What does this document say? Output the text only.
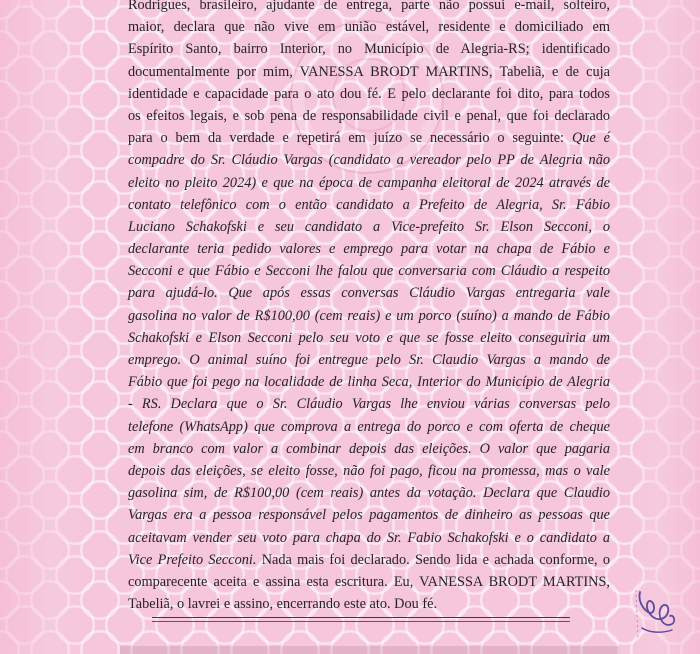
Rodrigues, brasileiro, ajudante de entrega, parte não possui e-mail, solteiro,
maior, declara que não vive em união estável, residente e domiciliado em
Espírito Santo, bairro Interior, no Município de Alegria-RS; identificado
documentalmente por mim, VANESSA BRODT MARTINS, Tabeliã, e de cuja
identidade e capacidade para o ato dou fé. E pelo declarante foi dito, para todos
os efeitos legais, e sob pena de responsabilidade civil e penal, que foi declarado
para o bem da verdade e repetirá em juízo se necessário o seguinte: Que é
compadre do Sr. Cláudio Vargas (candidato a vereador pelo PP de Alegria não
eleito no pleito 2024) e que na época de campanha eleitoral de 2024 através de
contato telefônico com o então candidato a Prefeito de Alegria, Sr. Fábio
Luciano Schakofski e seu candidato a Vice-prefeito Sr. Elson Secconi, o
declarante teria pedido valores e emprego para votar na chapa de Fábio e
Secconi e que Fábio e Secconi lhe falou que conversaria com Cláudio a respeito
para ajudá-lo. Que após essas conversas Cláudio Vargas entregaria vale
gasolina no valor de R$100,00 (cem reais) e um porco (suíno) a mando de Fábio
Schakofski e Elson Secconi pelo seu voto e que se fosse eleito conseguiria um
emprego. O animal suíno foi entregue pelo Sr. Claudio Vargas a mando de
Fábio que foi pego na localidade de linha Seca, Interior do Município de Alegria
- RS. Declara que o Sr. Cláudio Vargas lhe enviou várias conversas pelo
telefone (WhatsApp) que comprova a entrega do porco e com oferta de cheque
em branco com valor a combinar depois das eleições. O valor que pagaria
depois das eleições, se eleito fosse, não foi pago, ficou na promessa, mas o vale
gasolina sim, de R$100,00 (cem reais) antes da votação. Declara que Claudio
Vargas era a pessoa responsável pelos pagamentos de dinheiro as pessoas que
aceitavam vender seu voto para chapa do Sr. Fabio Schakofski e o candidato a
Vice Prefeito Secconi. Nada mais foi declarado. Sendo lida e achada conforme, o
comparecente aceita e assina esta escritura. Eu, VANESSA BRODT MARTINS,
Tabeliã, o lavrei e assino, encerrando este ato. Dou fé.
